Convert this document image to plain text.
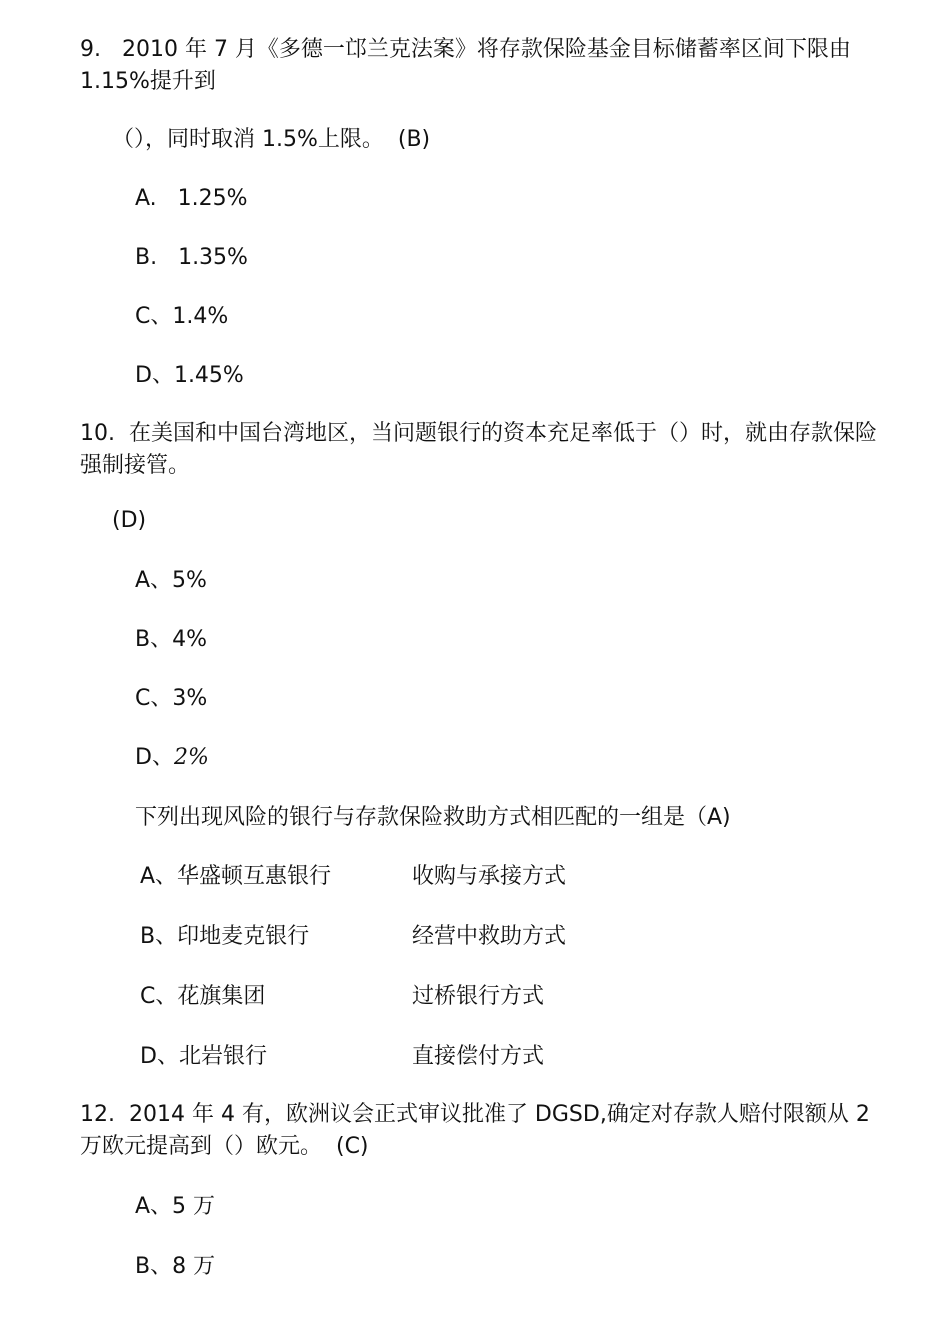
9.   2010 年 7 月《多德一邙兰克法案》将存款保险基金目标储蓄率区间下限由 1.15%提升到
（），同时取消 1.5%上限。  (B)
A.   1.25%
B.   1.35%
C、1.4%
D、1.45%
10.  在美国和中国台湾地区，当问题银行的资本充足率低于（）时，就由存款保险强制接管。
(D)
A、5%
B、4%
C、3%
D、2%
下列出现风险的银行与存款保险救助方式相匹配的一组是（A)
A、华盛顿互惠银行	收购与承接方式
B、印地麦克银行	经营中救助方式
C、花旗集团	过桥银行方式
D、北岩银行	直接偿付方式
12.  2014 年 4 有，欧洲议会正式审议批准了 DGSD,确定对存款人赔付限额从 2 万欧元提高到（）欧元。  (C)
A、5 万
B、8 万
